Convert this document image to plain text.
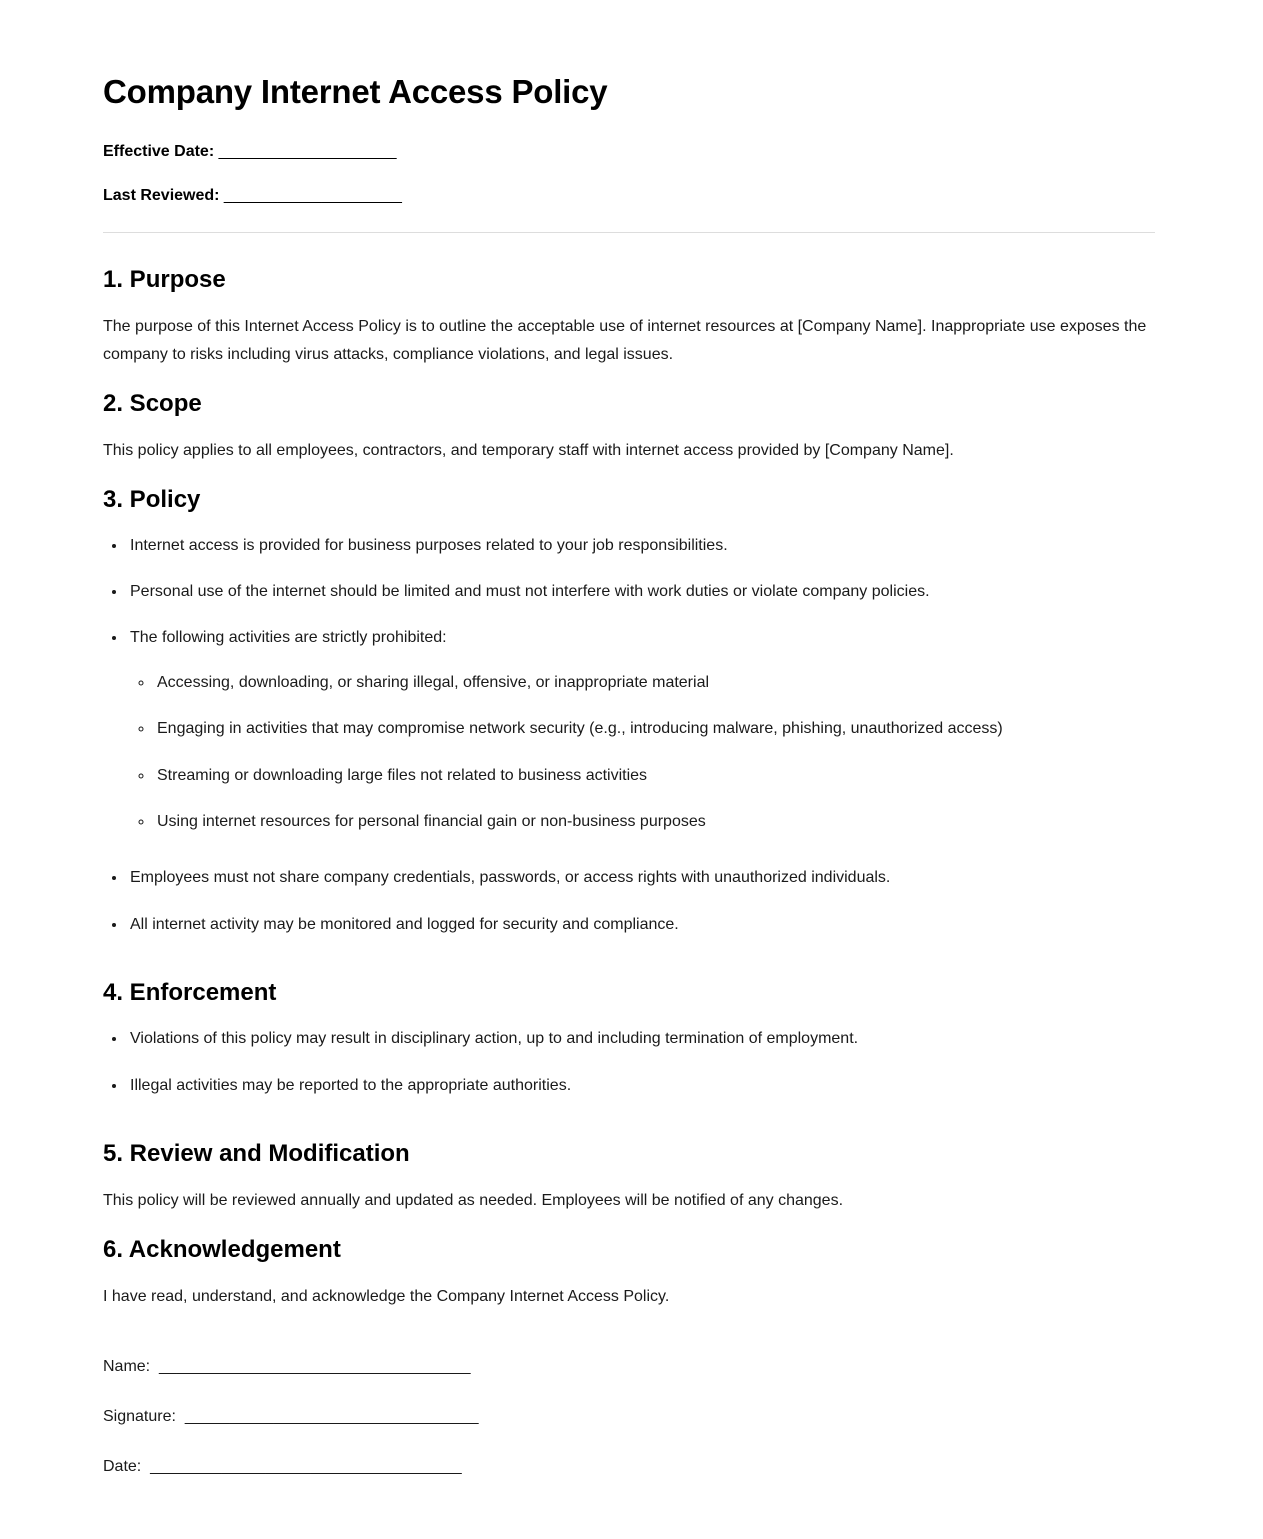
Company Internet Access Policy

Effective Date: ____________________

Last Reviewed: ____________________

1. Purpose

The purpose of this Internet Access Policy is to outline the acceptable use of internet resources at [Company Name]. Inappropriate use exposes the company to risks including virus attacks, compliance violations, and legal issues.

2. Scope

This policy applies to all employees, contractors, and temporary staff with internet access provided by [Company Name].

3. Policy
• Internet access is provided for business purposes related to your job responsibilities.
• Personal use of the internet should be limited and must not interfere with work duties or violate company policies.
• The following activities are strictly prohibited:
◦ Accessing, downloading, or sharing illegal, offensive, or inappropriate material
◦ Engaging in activities that may compromise network security (e.g., introducing malware, phishing, unauthorized access)
◦ Streaming or downloading large files not related to business activities
◦ Using internet resources for personal financial gain or non-business purposes
• Employees must not share company credentials, passwords, or access rights with unauthorized individuals.
• All internet activity may be monitored and logged for security and compliance.
4. Enforcement
• Violations of this policy may result in disciplinary action, up to and including termination of employment.
• Illegal activities may be reported to the appropriate authorities.
5. Review and Modification

This policy will be reviewed annually and updated as needed. Employees will be notified of any changes.

6. Acknowledgement

I have read, understand, and acknowledge the Company Internet Access Policy.

Name:  ___________________________________

Signature:  _________________________________

Date:  ___________________________________
